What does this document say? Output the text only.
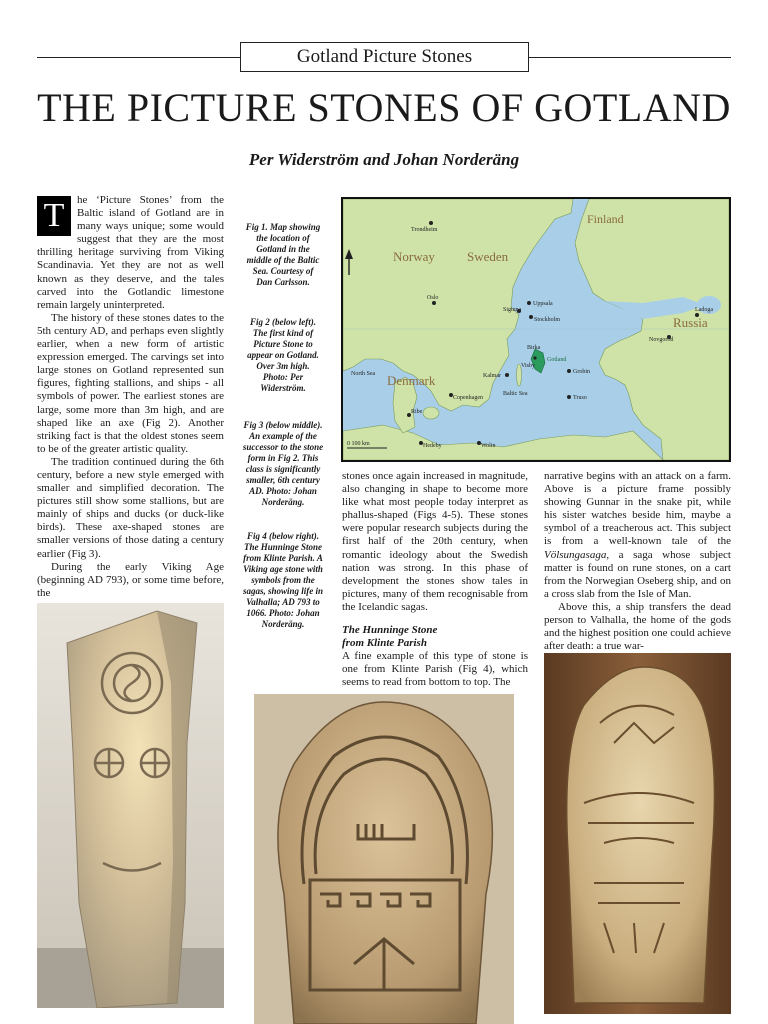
Gotland Picture Stones
THE PICTURE STONES OF GOTLAND
Per Widerström and Johan Norderäng
T	he ‘Picture Stones’ from the Baltic island of Gotland are in many ways unique; some would suggest that they are the most thrilling heritage surviving from Viking Scandinavia. Yet they are not as well known as they deserve, and the tales carved into the Gotlandic limestone remain largely uninterpreted.

The history of these stones dates to the 5th century AD, and perhaps even slightly earlier, when a new form of artistic expression emerged. The carvings set into large stones on Gotland represented sun figures, fighting stallions, and ships - all symbols of power. The earliest stones are large, some more than 3m high, and are shaped like an axe (Fig 2). Another striking fact is that the oldest stones seem to be of the greater artistic quality.

The tradition continued during the 6th century, before a new style emerged with smaller and simplified decoration. The pictures still show some stallions, but are mainly of ships and ducks (or duck-like birds). These axe-shaped stones are smaller versions of those dating a century earlier (Fig 3).

During the early Viking Age (beginning AD 793), or some time before, the

Fig 1. Map showing the location of Gotland in the middle of the Baltic Sea. Courtesy of Dan Carlsson.
Fig 2 (below left). The first kind of Picture Stone to appear on Gotland. Over 3m high. Photo: Per Widerström.
Fig 3 (below middle). An example of the successor to the stone form in Fig 2. This class is significantly smaller, 6th century AD. Photo: Johan Norderäng.
Fig 4 (below right). The Hunninge Stone from Klinte Parish. A Viking age stone with symbols from the sagas, showing life in Valhalla; AD 793 to 1066. Photo: Johan Norderäng.
Finland
Norway Sweden
Russia
Denmark
Trondheim
Oslo
Uppsala
Sigtuna
Stockholm
Birka
Visby
Gotland
Kalmar
Copenhagen
North Sea
Baltic Sea
Truso
Grobin
Ribe
Hedeby	Wolin
Novgorod
Ladoga
0 100 km

stones once again increased in magnitude, also changing in shape to become more like what most people today interpret as phallus-shaped (Figs 4-5). These stones were popular research subjects during the first half of the 20th century, when romantic ideology about the Swedish nation was strong. In this phase of development the stones show tales in pictures, many of them recognisable from the Icelandic sagas.

The Hunninge Stone
from Klinte Parish

A fine example of this type of stone is one from Klinte Parish (Fig 4), which seems to read from bottom to top. The

narrative begins with an attack on a farm. Above is a picture frame possibly showing Gunnar in the snake pit, while his sister watches beside him, maybe a symbol of a treacherous act. This subject is from a well-known tale of the Völsungasaga, a saga whose subject matter is found on rune stones, on a cart from the Norwegian Oseberg ship, and on a cross slab from the Isle of Man.

Above this, a ship transfers the dead person to Valhalla, the home of the gods and the highest position one could achieve after death: a true war-
